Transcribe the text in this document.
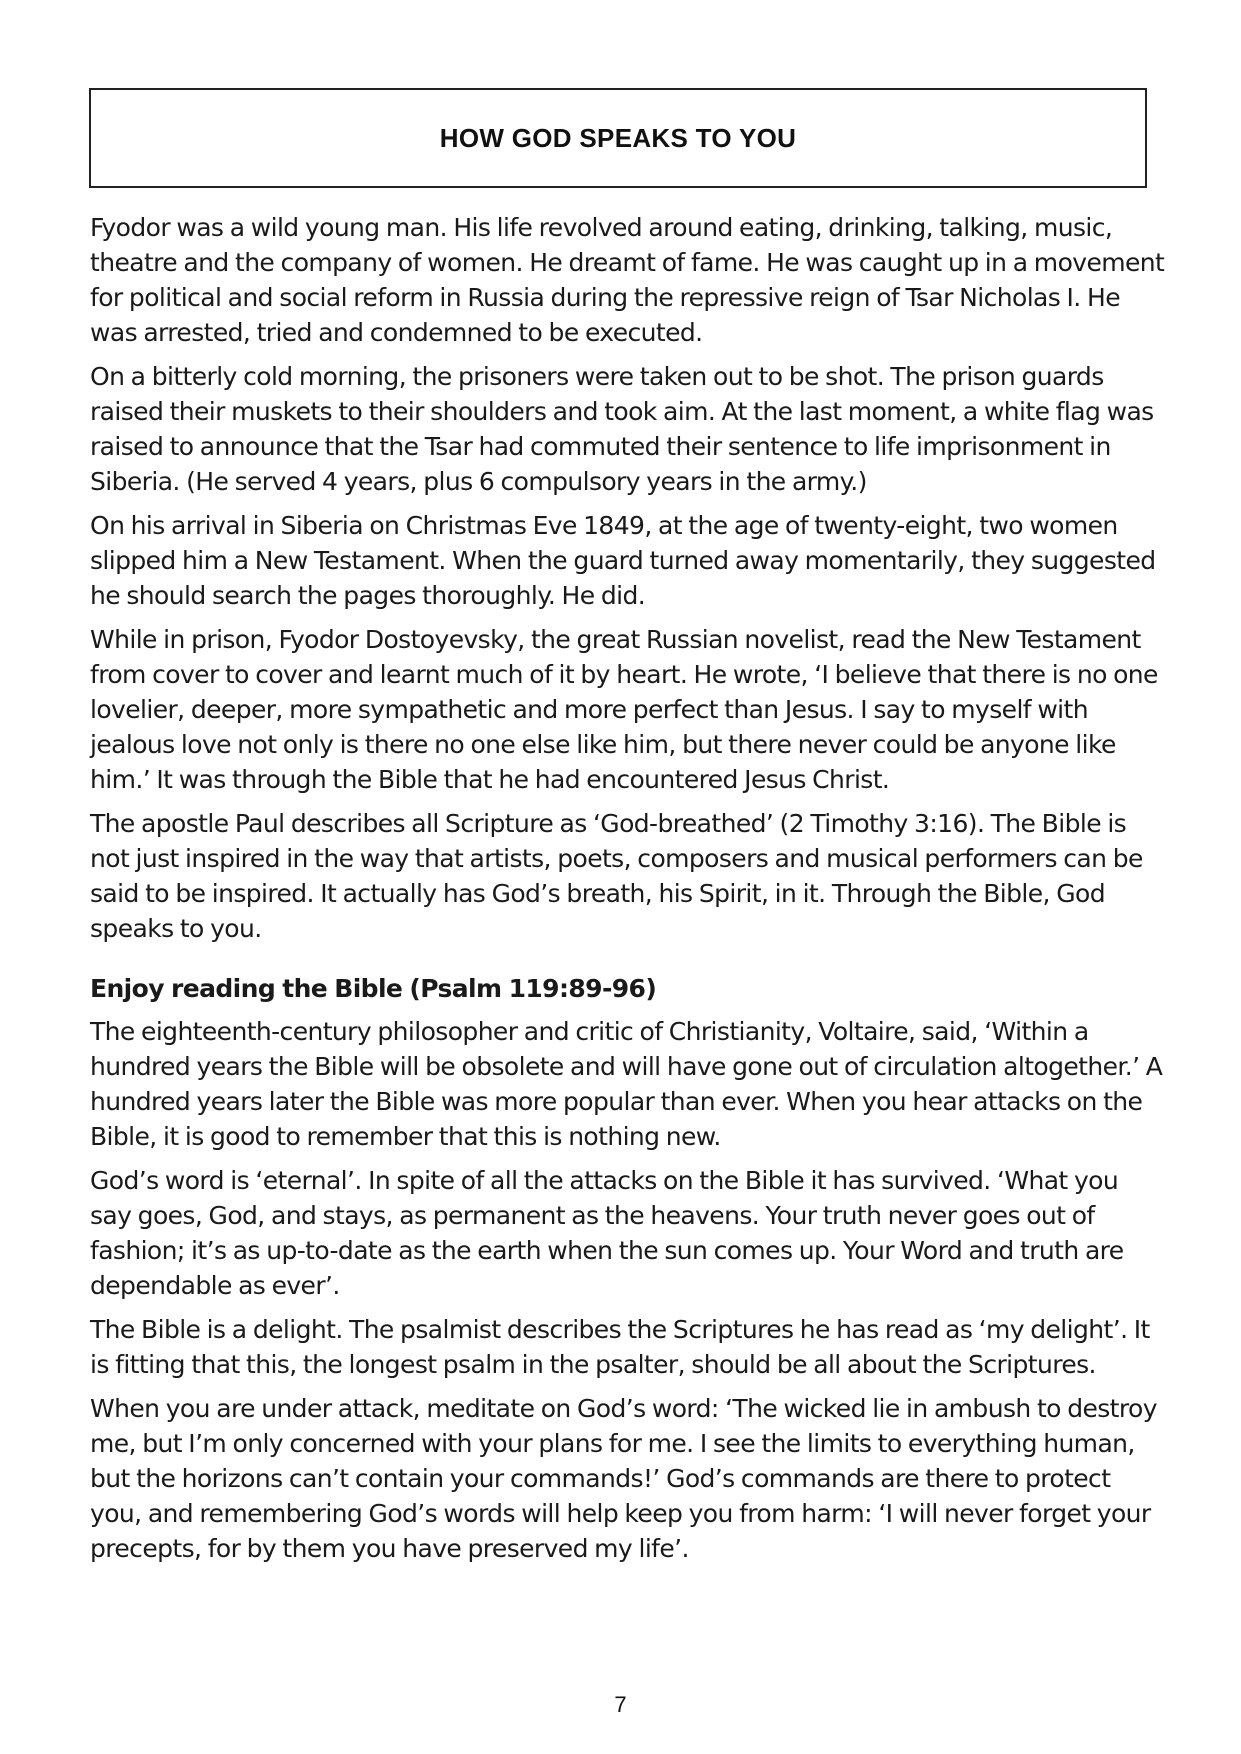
HOW GOD SPEAKS TO YOU

Fyodor was a wild young man. His life revolved around eating, drinking, talking, music, theatre and the company of women. He dreamt of fame. He was caught up in a movement for political and social reform in Russia during the repressive reign of Tsar Nicholas I. He was arrested, tried and condemned to be executed.

On a bitterly cold morning, the prisoners were taken out to be shot. The prison guards raised their muskets to their shoulders and took aim. At the last moment, a white flag was raised to announce that the Tsar had commuted their sentence to life imprisonment in Siberia. (He served 4 years, plus 6 compulsory years in the army.)

On his arrival in Siberia on Christmas Eve 1849, at the age of twenty-eight, two women slipped him a New Testament. When the guard turned away momentarily, they suggested he should search the pages thoroughly. He did.

While in prison, Fyodor Dostoyevsky, the great Russian novelist, read the New Testament from cover to cover and learnt much of it by heart. He wrote, ‘I believe that there is no one lovelier, deeper, more sympathetic and more perfect than Jesus. I say to myself with jealous love not only is there no one else like him, but there never could be anyone like him.’ It was through the Bible that he had encountered Jesus Christ.

The apostle Paul describes all Scripture as ‘God-breathed’ (2 Timothy 3:16). The Bible is not just inspired in the way that artists, poets, composers and musical performers can be said to be inspired. It actually has God’s breath, his Spirit, in it. Through the Bible, God speaks to you.

Enjoy reading the Bible (Psalm 119:89-96)

The eighteenth-century philosopher and critic of Christianity, Voltaire, said, ‘Within a hundred years the Bible will be obsolete and will have gone out of circulation altogether.’ A hundred years later the Bible was more popular than ever. When you hear attacks on the Bible, it is good to remember that this is nothing new.

God’s word is ‘eternal’. In spite of all the attacks on the Bible it has survived. ‘What you say goes, God, and stays, as permanent as the heavens. Your truth never goes out of fashion; it’s as up-to-date as the earth when the sun comes up. Your Word and truth are dependable as ever’.

The Bible is a delight. The psalmist describes the Scriptures he has read as ‘my delight’. It is fitting that this, the longest psalm in the psalter, should be all about the Scriptures.

When you are under attack, meditate on God’s word: ‘The wicked lie in ambush to destroy me, but I’m only concerned with your plans for me. I see the limits to everything human, but the horizons can’t contain your commands!’ God’s commands are there to protect you, and remembering God’s words will help keep you from harm: ‘I will never forget your precepts, for by them you have preserved my life’.

7
